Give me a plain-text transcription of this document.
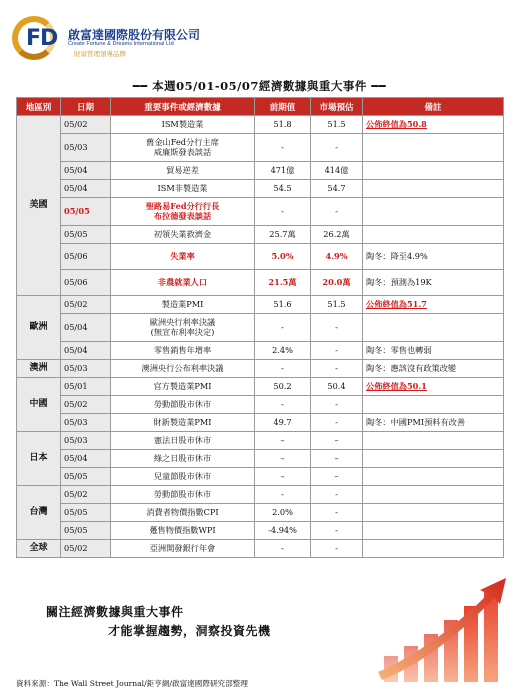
FD 啟富達國際股份有限公司
Create Fortune & Dreams International Ltd
財富管理領導品牌
━━ 本週05/01-05/07經濟數據與重大事件 ━━
地區別	日期	重要事件或經濟數據	前期值	市場預估	備註
美國	05/02	ISM製造業	51.8	51.5	公佈終值為50.8
	05/03	舊金山Fed分行主席
威廉斯發表談話	-	-	
	05/04	貿易逆差	471億	414億	
	05/04	ISM非製造業	54.5	54.7	
	05/05	聖路易Fed分行行長
布拉德發表談話	-	-	
	05/05	初領失業救濟金	25.7萬	26.2萬	
	05/06	失業率	5.0%	4.9%	陶冬：降至4.9%
	05/06	非農就業人口	21.5萬	20.0萬	陶冬：預測為19K
歐洲	05/02	製造業PMI	51.6	51.5	公佈終值為51.7
	05/04	歐洲央行利率決議
(無宣布利率決定)	-	-	
	05/04	零售銷售年增率	2.4%	-	陶冬：零售也轉弱
澳洲	05/03	澳洲央行公布利率決議	-	-	陶冬：應該沒有政策改變
中國	05/01	官方製造業PMI	50.2	50.4	公佈終值為50.1
	05/02	勞動節股市休市	-	-	
	05/03	財新製造業PMI	49.7	-	陶冬：中國PMI預料有改善
日本	05/03	憲法日股市休市	–	–	
	05/04	綠之日股市休市	–	–	
	05/05	兒童節股市休市	–	–	
台灣	05/02	勞動節股市休市	-	-	
	05/05	消費者物價指數CPI	2.0%	-	
	05/05	躉售物價指數WPI	-4.94%	-	
全球	05/02	亞洲開發銀行年會	-	-	
關注經濟數據與重大事件
才能掌握趨勢，洞察投資先機
資料來源：The Wall Street Journal/鉅亨網/啟富達國際研究部整理
